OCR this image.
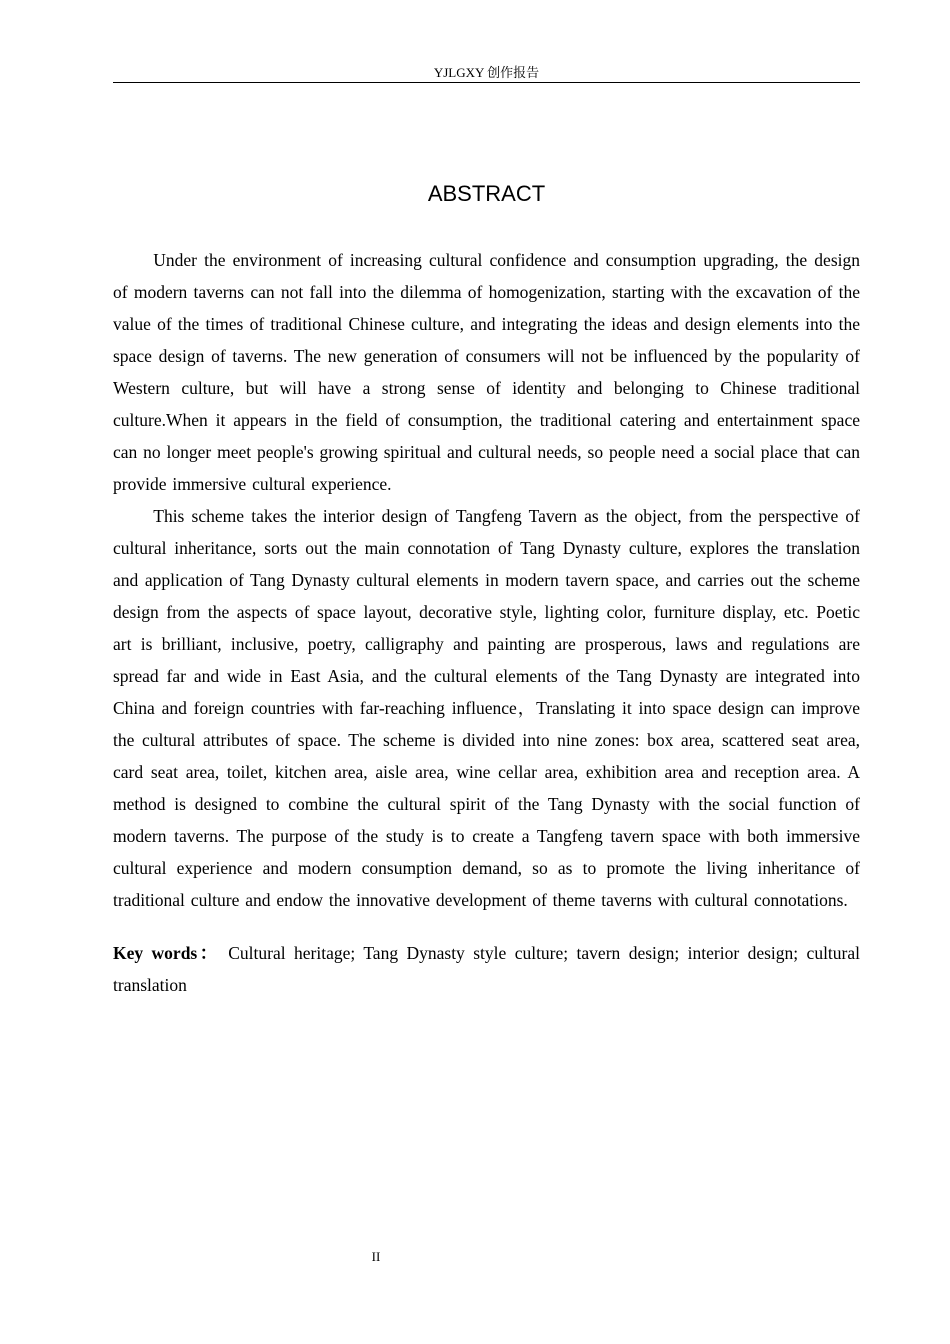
YJLGXY 创作报告
ABSTRACT

Under the environment of increasing cultural confidence and consumption upgrading, the design of modern taverns can not fall into the dilemma of homogenization, starting with the excavation of the value of the times of traditional Chinese culture, and integrating the ideas and design elements into the space design of taverns. The new generation of consumers will not be influenced by the popularity of Western culture, but will have a strong sense of identity and belonging to Chinese traditional culture.When it appears in the field of consumption, the traditional catering and entertainment space can no longer meet people's growing spiritual and cultural needs, so people need a social place that can provide immersive cultural experience.

This scheme takes the interior design of Tangfeng Tavern as the object, from the perspective of cultural inheritance, sorts out the main connotation of Tang Dynasty culture, explores the translation and application of Tang Dynasty cultural elements in modern tavern space, and carries out the scheme design from the aspects of space layout, decorative style, lighting color, furniture display, etc. Poetic art is brilliant, inclusive, poetry, calligraphy and painting are prosperous, laws and regulations are spread far and wide in East Asia, and the cultural elements of the Tang Dynasty are integrated into China and foreign countries with far-reaching influence，Translating it into space design can improve the cultural attributes of space. The scheme is divided into nine zones: box area, scattered seat area, card seat area, toilet, kitchen area, aisle area, wine cellar area, exhibition area and reception area. A method is designed to combine the cultural spirit of the Tang Dynasty with the social function of modern taverns. The purpose of the study is to create a Tangfeng tavern space with both immersive cultural experience and modern consumption demand, so as to promote the living inheritance of traditional culture and endow the innovative development of theme taverns with cultural connotations.

Key words： Cultural heritage; Tang Dynasty style culture; tavern design; interior design; cultural translation

II
